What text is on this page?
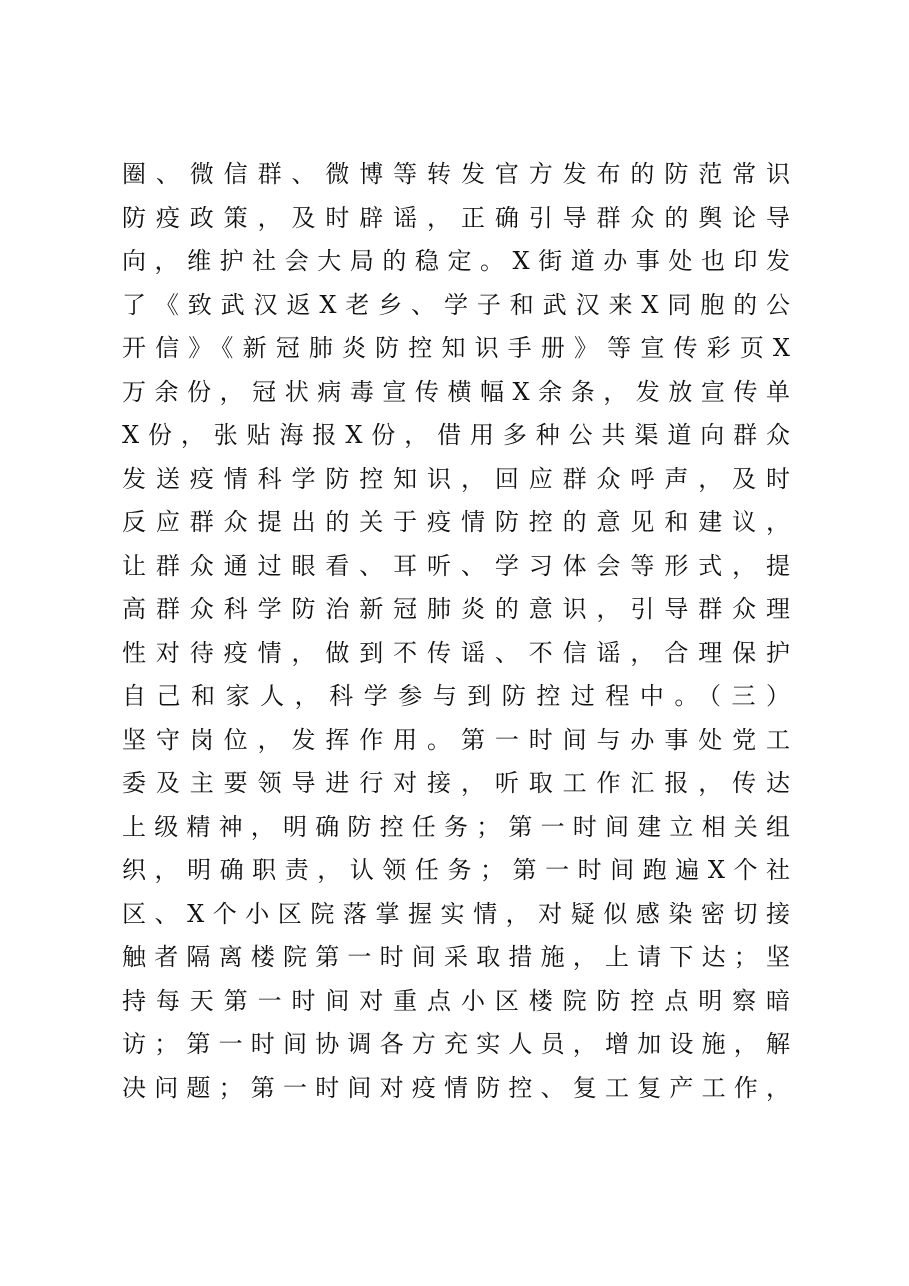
圈、微信群、微博等转发官方发布的防范常识
防疫政策，及时辟谣，正确引导群众的舆论导
向，维护社会大局的稳定。X街道办事处也印发
了《致武汉返X老乡、学子和武汉来X同胞的公
开信》《新冠肺炎防控知识手册》等宣传彩页X
万余份，冠状病毒宣传横幅X余条，发放宣传单
X份，张贴海报X份，借用多种公共渠道向群众
发送疫情科学防控知识，回应群众呼声，及时
反应群众提出的关于疫情防控的意见和建议，
让群众通过眼看、耳听、学习体会等形式，提
高群众科学防治新冠肺炎的意识，引导群众理
性对待疫情，做到不传谣、不信谣，合理保护
自己和家人，科学参与到防控过程中。（三）
坚守岗位，发挥作用。第一时间与办事处党工
委及主要领导进行对接，听取工作汇报，传达
上级精神，明确防控任务；第一时间建立相关组
织，明确职责，认领任务；第一时间跑遍X个社
区、X个小区院落掌握实情，对疑似感染密切接
触者隔离楼院第一时间采取措施，上请下达；坚
持每天第一时间对重点小区楼院防控点明察暗
访；第一时间协调各方充实人员，增加设施，解
决问题；第一时间对疫情防控、复工复产工作，
